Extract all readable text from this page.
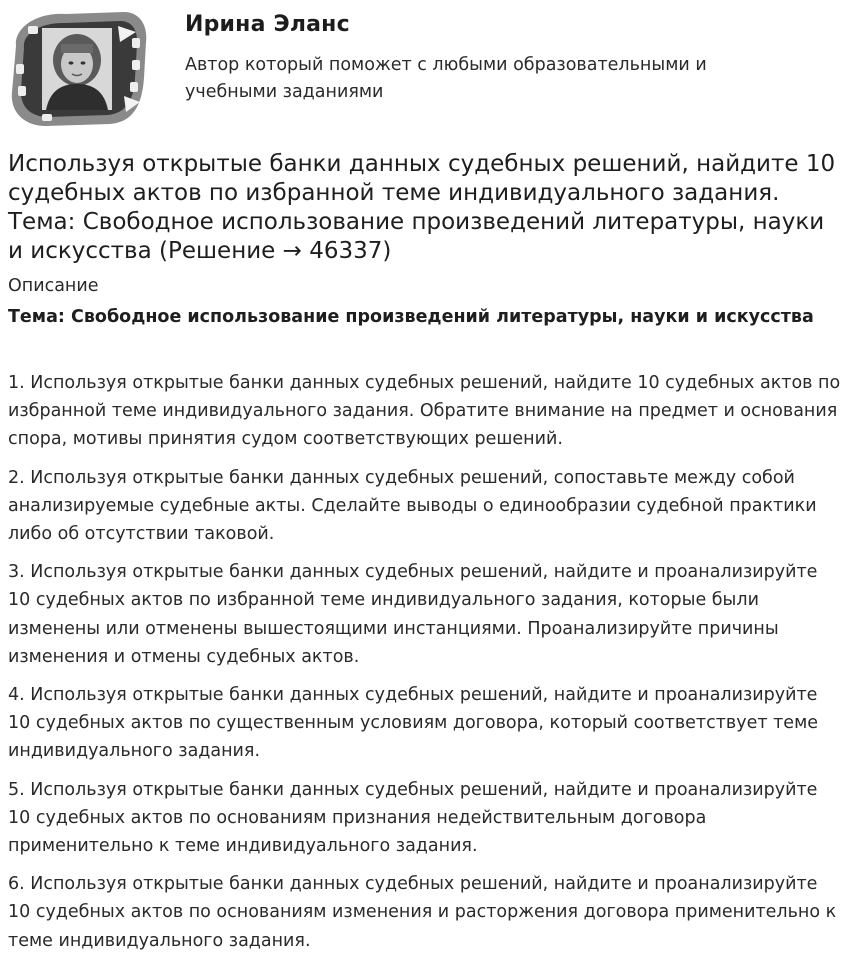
Ирина Эланс
Автор который поможет с любыми образовательными и учебными заданиями
Используя открытые банки данных судебных решений, найдите 10 судебных актов по избранной теме индивидуального задания. Тема: Свободное использование произведений литературы, науки и искусства (Решение → 46337)
Описание
Тема: Свободное использование произведений литературы, науки и искусства

1. Используя открытые банки данных судебных решений, найдите 10 судебных актов по избранной теме индивидуального задания. Обратите внимание на предмет и основания спора, мотивы принятия судом соответствующих решений.

2. Используя открытые банки данных судебных решений, сопоставьте между собой анализируемые судебные акты. Сделайте выводы о единообразии судебной практики либо об отсутствии таковой.

3. Используя открытые банки данных судебных решений, найдите и проанализируйте 10 судебных актов по избранной теме индивидуального задания, которые были изменены или отменены вышестоящими инстанциями. Проанализируйте причины изменения и отмены судебных актов.

4. Используя открытые банки данных судебных решений, найдите и проанализируйте 10 судебных актов по существенным условиям договора, который соответствует теме индивидуального задания.

5. Используя открытые банки данных судебных решений, найдите и проанализируйте 10 судебных актов по основаниям признания недействительным договора применительно к теме индивидуального задания.

6. Используя открытые банки данных судебных решений, найдите и проанализируйте 10 судебных актов по основаниям изменения и расторжения договора применительно к теме индивидуального задания.
